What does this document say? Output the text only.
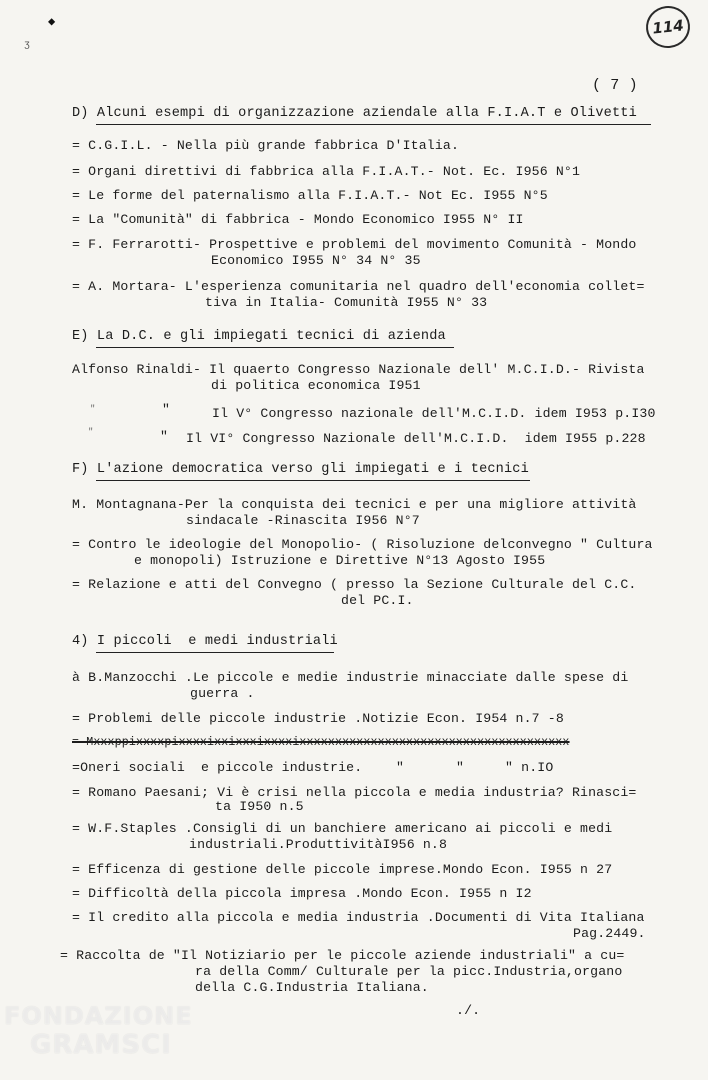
◆
ʒ
114
( 7 )
D) Alcuni esempi di organizzazione aziendale alla F.I.A.T e Olivetti
= C.G.I.L. - Nella più grande fabbrica D'Italia.
= Organi direttivi di fabbrica alla F.I.A.T.- Not. Ec. I956 N°1
= Le forme del paternalismo alla F.I.A.T.- Not Ec. I955 N°5
= La "Comunità" di fabbrica - Mondo Economico I955 N° II
= F. Ferrarotti- Prospettive e problemi del movimento Comunità - Mondo
Economico I955 N° 34 N° 35
= A. Mortara- L'esperienza comunitaria nel quadro dell'economia collet=
tiva in Italia- Comunità I955 N° 33
E) La D.C. e gli impiegati tecnici di azienda
Alfonso Rinaldi- Il quaerto Congresso Nazionale dell' M.C.I.D.- Rivista
di politica economica I951
"	"	Il V° Congresso nazionale dell'M.C.I.D. idem I953 p.I30
"	" Il VI° Congresso Nazionale dell'M.C.I.D.  idem I955 p.228
F) L'azione democratica verso gli impiegati e i tecnici
M. Montagnana-Per la conquista dei tecnici e per una migliore attività
sindacale -Rinascita I956 N°7
= Contro le ideologie del Monopolio- ( Risoluzione delconvegno " Cultura
e monopoli) Istruzione e Direttive N°13 Agosto I955
= Relazione e atti del Convegno ( presso la Sezione Culturale del C.C.
del PC.I.
4) I piccoli  e medi industriali
à B.Manzocchi .Le piccole e medie industrie minacciate dalle spese di
guerra .
= Problemi delle piccole industrie .Notizie Econ. I954 n.7 -8
= Mxxxppixxxxpixxxxixxixxxixxxxixxxxxxxxxxxxxxxxxxxxxxxxxxxxxxxxxxxxxx
=Oneri sociali  e piccole industrie.	"	"	" n.IO
= Romano Paesani; Vi è crisi nella piccola e media industria? Rinasci=
ta I950 n.5
= W.F.Staples .Consigli di un banchiere americano ai piccoli e medi
industriali.ProduttivitàI956 n.8
= Efficenza di gestione delle piccole imprese.Mondo Econ. I955 n 27
= Difficoltà della piccola impresa .Mondo Econ. I955 n I2
= Il credito alla piccola e media industria .Documenti di Vita Italiana
Pag.2449.
= Raccolta de "Il Notiziario per le piccole aziende industriali" a cu=
ra della Comm/ Culturale per la picc.Industria,organo
della C.G.Industria Italiana.
./.
FONDAZIONE
GRAMSCI
